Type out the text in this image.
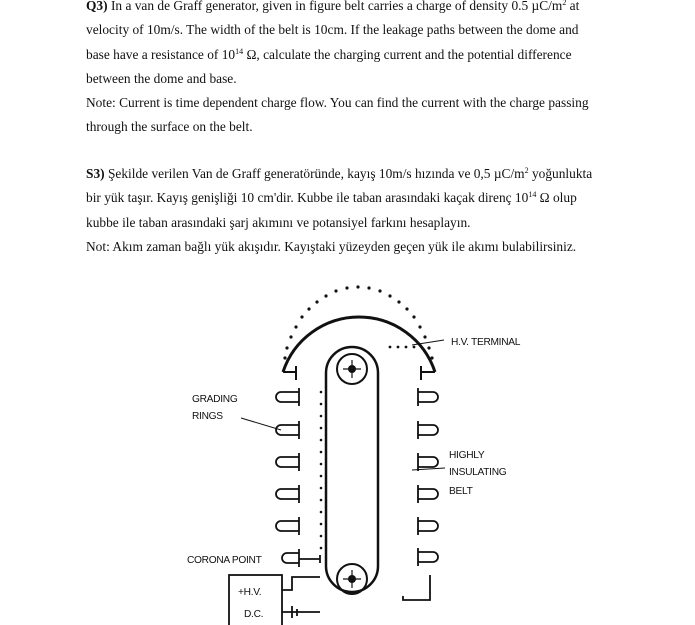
Q3) In a van de Graff generator, given in figure belt carries a charge of density 0.5 $\mu C/m^2$ at

velocity of 10m/s. The width of the belt is 10cm. If the leakage paths between the dome and

base have a resistance of $10^{14}$ Ω, calculate the charging current and the potential difference

between the dome and base.

Note: Current is time dependent charge flow. You can find the current with the charge passing

through the surface on the belt.

S3) Şekilde verilen Van de Graff generatöründe, kayış 10m/s hızında ve 0,5 $\mu C/m^2$ yoğunlukta

bir yük taşır. Kayış genişliği 10 cm'dir. Kubbe ile taban arasındaki kaçak direnç $10^{14}$ Ω olup

kubbe ile taban arasındaki şarj akımını ve potansiyel farkını hesaplayın.

Not: Akım zaman bağlı yük akışıdır. Kayıştaki yüzeyden geçen yük ile akımı bulabilirsiniz.

H.V. TERMINAL
GRADING
RINGS
HIGHLY
INSULATING
BELT
CORONA POINT
+H.V.
D.C.
